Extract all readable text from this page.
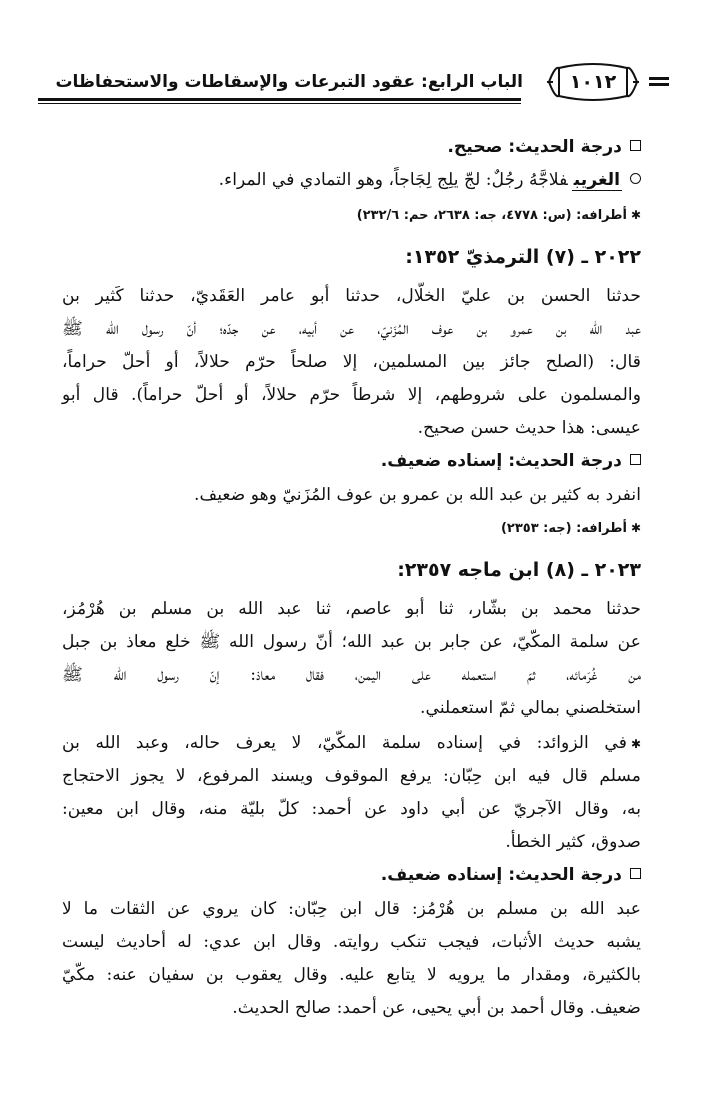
١٠١٢
الباب الرابع: عقود التبرعات والإسقاطات والاستحفاظات
درجة الحديث: صحيح.
الغريبفلاجَّهُ رجُلٌ: لجّ يلِج لِجَاجاً، وهو التمادي في المراء.
✱أطرافه: (س: ٤٧٧٨، جه: ٢٦٣٨، حم: ٢٣٢/٦)
٢٠٢٢ ـ (٧) الترمذيّ ١٣٥٢:
حدثنا الحسن بن عليّ الخلّال، حدثنا أبو عامر العَقَديّ، حدثنا كَثير بن
عبد الله بن عمرو بن عوف المُزَنيّ، عن أبيه، عن جدّه؛ أنّ رسول الله ﷺ
قال: (الصلح جائز بين المسلمين، إلا صلحاً حرّم حلالاً، أو أحلّ حراماً،
والمسلمون على شروطهم، إلا شرطاً حرّم حلالاً، أو أحلّ حراماً). قال أبو
عيسى: هذا حديث حسن صحيح.
درجة الحديث: إسناده ضعيف.
انفرد به كثير بن عبد الله بن عمرو بن عوف المُزَنيّ وهو ضعيف.
✱أطرافه: (جه: ٢٣٥٣)
٢٠٢٣ ـ (٨) ابن ماجه ٢٣٥٧:
حدثنا محمد بن بشّار، ثنا أبو عاصم، ثنا عبد الله بن مسلم بن هُرْمُز،
عن سلمة المكّيّ، عن جابر بن عبد الله؛ أنّ رسول الله ﷺ خلع معاذ بن جبل
من غُرَمائه، ثمّ استعمله على اليمن، فقال معاذ: إنّ رسول الله ﷺ
استخلصني بمالي ثمّ استعملني.
✱في الزوائد: في إسناده سلمة المكّيّ، لا يعرف حاله، وعبد الله بن
مسلم قال فيه ابن حِبّان: يرفع الموقوف ويسند المرفوع، لا يجوز الاحتجاج
به، وقال الآجريّ عن أبي داود عن أحمد: كلّ بليّة منه، وقال ابن معين:
صدوق، كثير الخطأ.
درجة الحديث: إسناده ضعيف.
عبد الله بن مسلم بن هُرْمُز: قال ابن حِبّان: كان يروي عن الثقات ما لا
يشبه حديث الأثبات، فيجب تنكب روايته. وقال ابن عدي: له أحاديث ليست
بالكثيرة، ومقدار ما يرويه لا يتابع عليه. وقال يعقوب بن سفيان عنه: مكّيّ
ضعيف. وقال أحمد بن أبي يحيى، عن أحمد: صالح الحديث.
